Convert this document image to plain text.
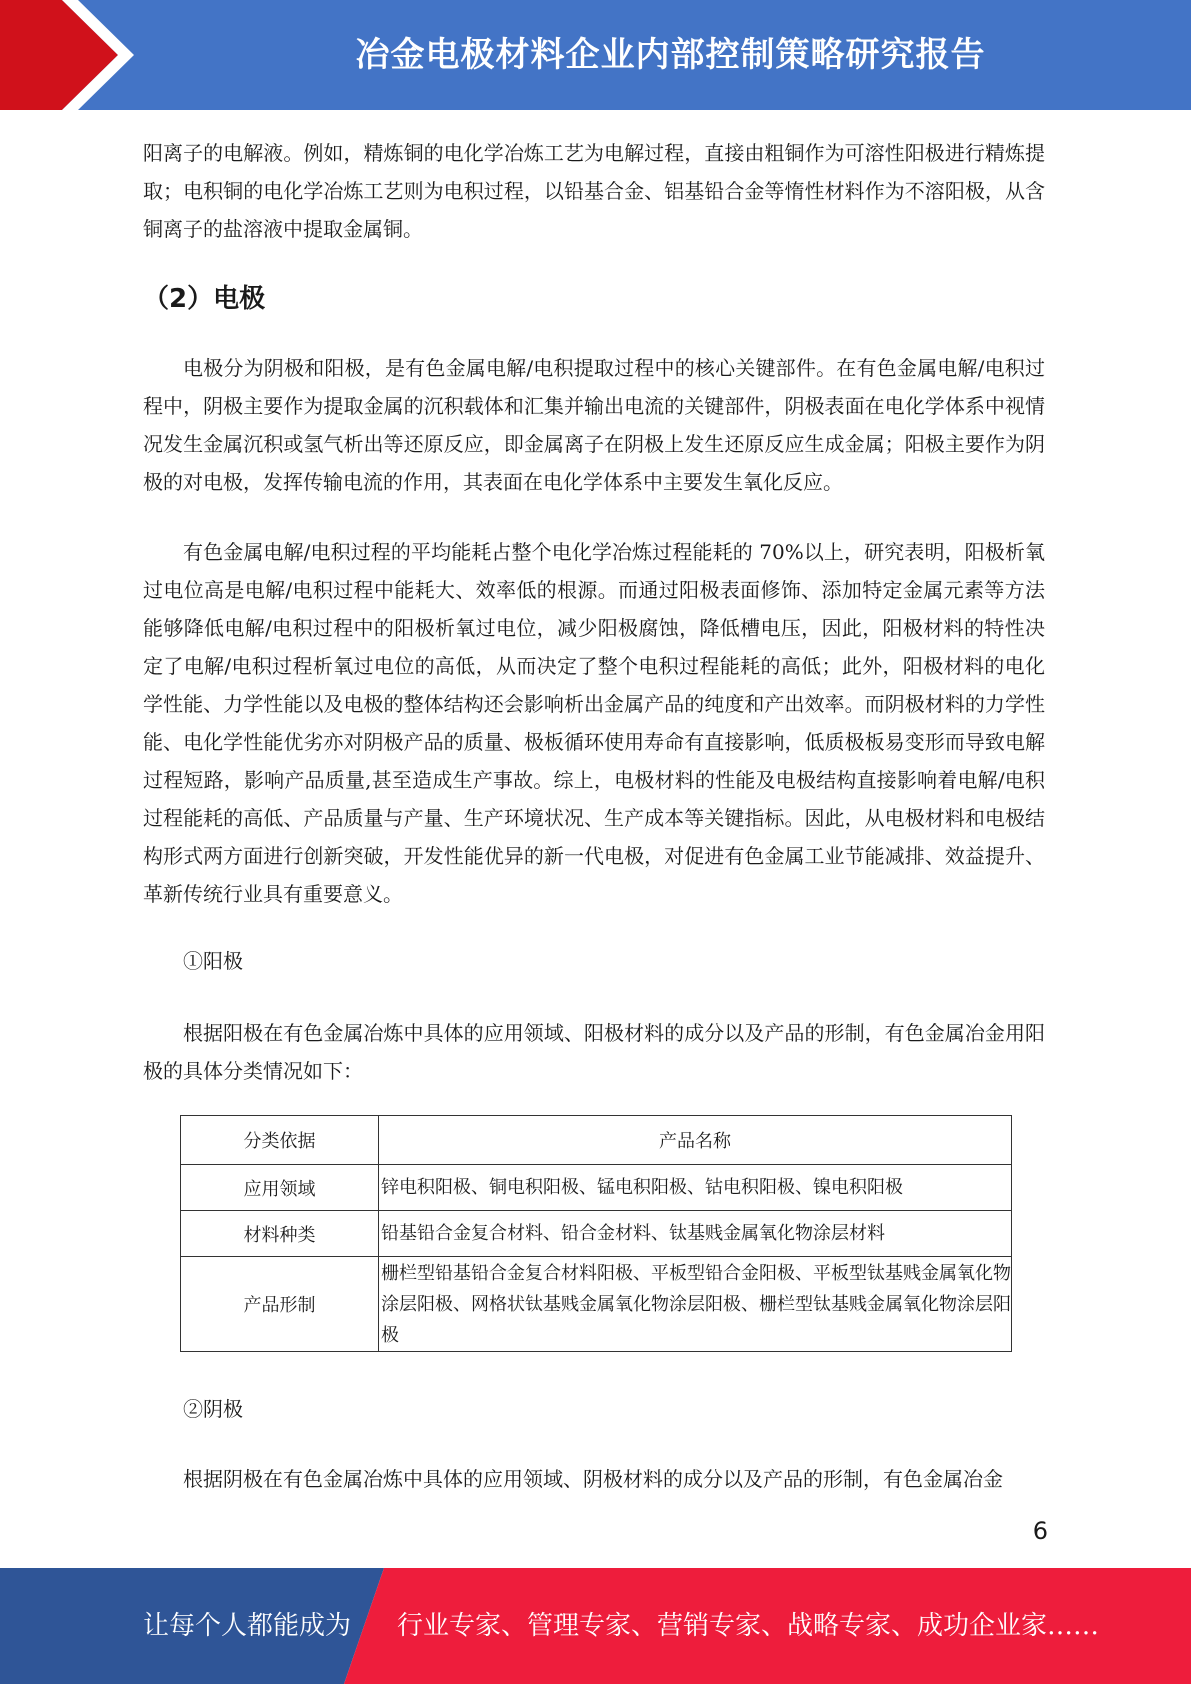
冶金电极材料企业内部控制策略研究报告
阳离子的电解液。例如，精炼铜的电化学冶炼工艺为电解过程，直接由粗铜作为可溶性阳极进行精炼提取；电积铜的电化学冶炼工艺则为电积过程，以铅基合金、铝基铅合金等惰性材料作为不溶阳极，从含铜离子的盐溶液中提取金属铜。
（2）电极
电极分为阴极和阳极，是有色金属电解/电积提取过程中的核心关键部件。在有色金属电解/电积过程中，阴极主要作为提取金属的沉积载体和汇集并输出电流的关键部件，阴极表面在电化学体系中视情况发生金属沉积或氢气析出等还原反应，即金属离子在阴极上发生还原反应生成金属；阳极主要作为阴极的对电极，发挥传输电流的作用，其表面在电化学体系中主要发生氧化反应。
有色金属电解/电积过程的平均能耗占整个电化学冶炼过程能耗的 70%以上，研究表明，阳极析氧过电位高是电解/电积过程中能耗大、效率低的根源。而通过阳极表面修饰、添加特定金属元素等方法能够降低电解/电积过程中的阳极析氧过电位，减少阳极腐蚀，降低槽电压，因此，阳极材料的特性决定了电解/电积过程析氧过电位的高低，从而决定了整个电积过程能耗的高低；此外，阳极材料的电化学性能、力学性能以及电极的整体结构还会影响析出金属产品的纯度和产出效率。而阴极材料的力学性能、电化学性能优劣亦对阴极产品的质量、极板循环使用寿命有直接影响，低质极板易变形而导致电解过程短路，影响产品质量,甚至造成生产事故。综上，电极材料的性能及电极结构直接影响着电解/电积过程能耗的高低、产品质量与产量、生产环境状况、生产成本等关键指标。因此，从电极材料和电极结构形式两方面进行创新突破，开发性能优异的新一代电极，对促进有色金属工业节能减排、效益提升、革新传统行业具有重要意义。
①阳极
根据阳极在有色金属冶炼中具体的应用领域、阳极材料的成分以及产品的形制，有色金属冶金用阳极的具体分类情况如下：
分类依据	产品名称
应用领域	锌电积阳极、铜电积阳极、锰电积阳极、钴电积阳极、镍电积阳极
材料种类	铅基铅合金复合材料、铅合金材料、钛基贱金属氧化物涂层材料
产品形制	栅栏型铅基铅合金复合材料阳极、平板型铅合金阳极、平板型钛基贱金属氧化物涂层阳极、网格状钛基贱金属氧化物涂层阳极、栅栏型钛基贱金属氧化物涂层阳极
②阴极
根据阴极在有色金属冶炼中具体的应用领域、阴极材料的成分以及产品的形制，有色金属冶金
6
让每个人都能成为 行业专家、管理专家、营销专家、战略专家、成功企业家……
